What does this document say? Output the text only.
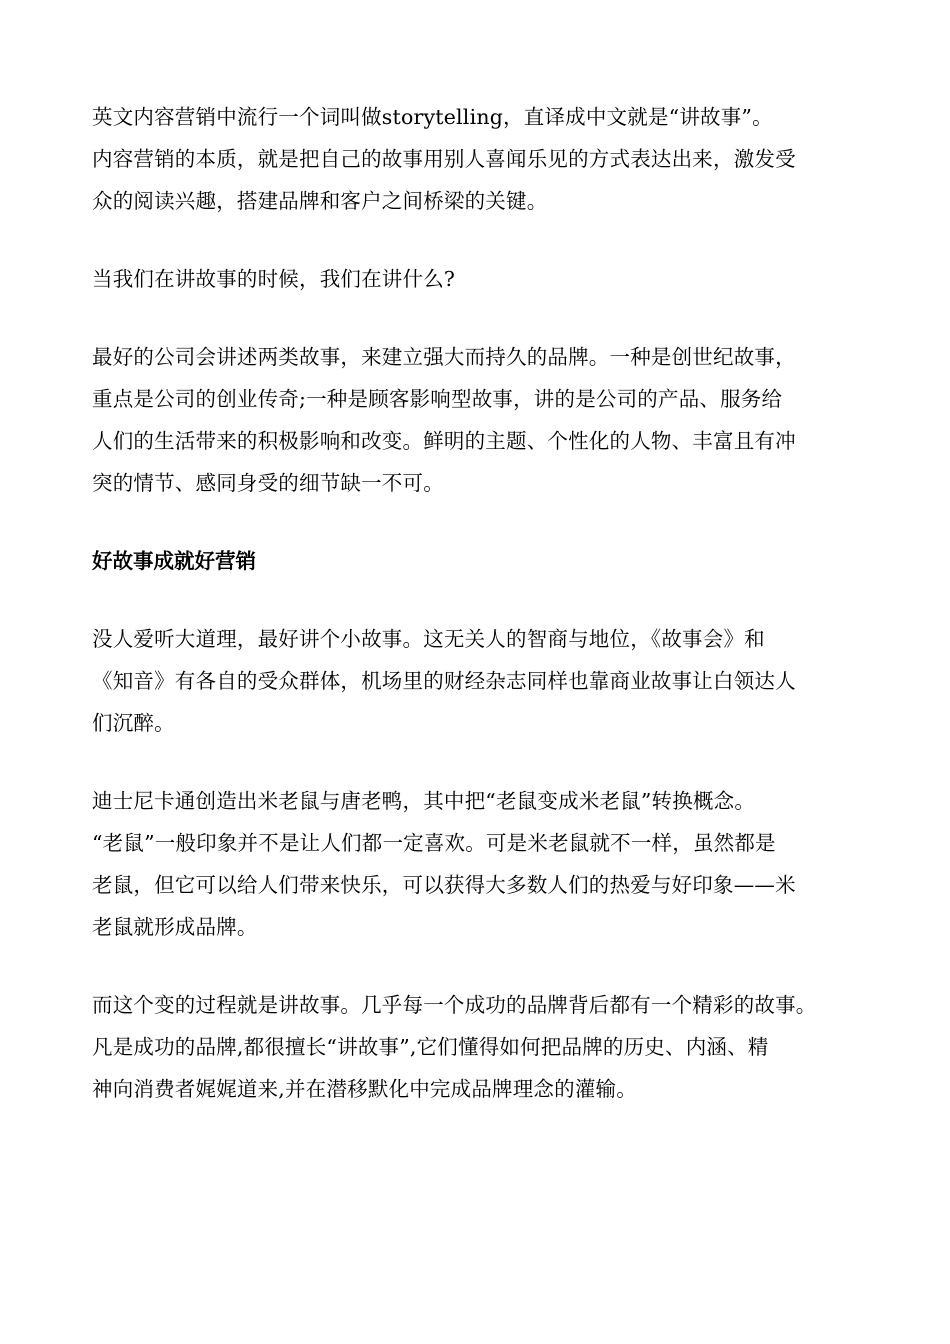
英文内容营销中流行一个词叫做storytelling，直译成中文就是“讲故事”。
内容营销的本质，就是把自己的故事用别人喜闻乐见的方式表达出来，激发受
众的阅读兴趣，搭建品牌和客户之间桥梁的关键。

当我们在讲故事的时候，我们在讲什么?

最好的公司会讲述两类故事，来建立强大而持久的品牌。一种是创世纪故事，
重点是公司的创业传奇;一种是顾客影响型故事，讲的是公司的产品、服务给
人们的生活带来的积极影响和改变。鲜明的主题、个性化的人物、丰富且有冲
突的情节、感同身受的细节缺一不可。

好故事成就好营销

没人爱听大道理，最好讲个小故事。这无关人的智商与地位，《故事会》和
《知音》有各自的受众群体，机场里的财经杂志同样也靠商业故事让白领达人
们沉醉。

迪士尼卡通创造出米老鼠与唐老鸭，其中把“老鼠变成米老鼠”转换概念。
“老鼠”一般印象并不是让人们都一定喜欢。可是米老鼠就不一样，虽然都是
老鼠，但它可以给人们带来快乐，可以获得大多数人们的热爱与好印象——米
老鼠就形成品牌。

而这个变的过程就是讲故事。几乎每一个成功的品牌背后都有一个精彩的故事。
凡是成功的品牌,都很擅长“讲故事”,它们懂得如何把品牌的历史、内涵、精
神向消费者娓娓道来,并在潜移默化中完成品牌理念的灌输。
